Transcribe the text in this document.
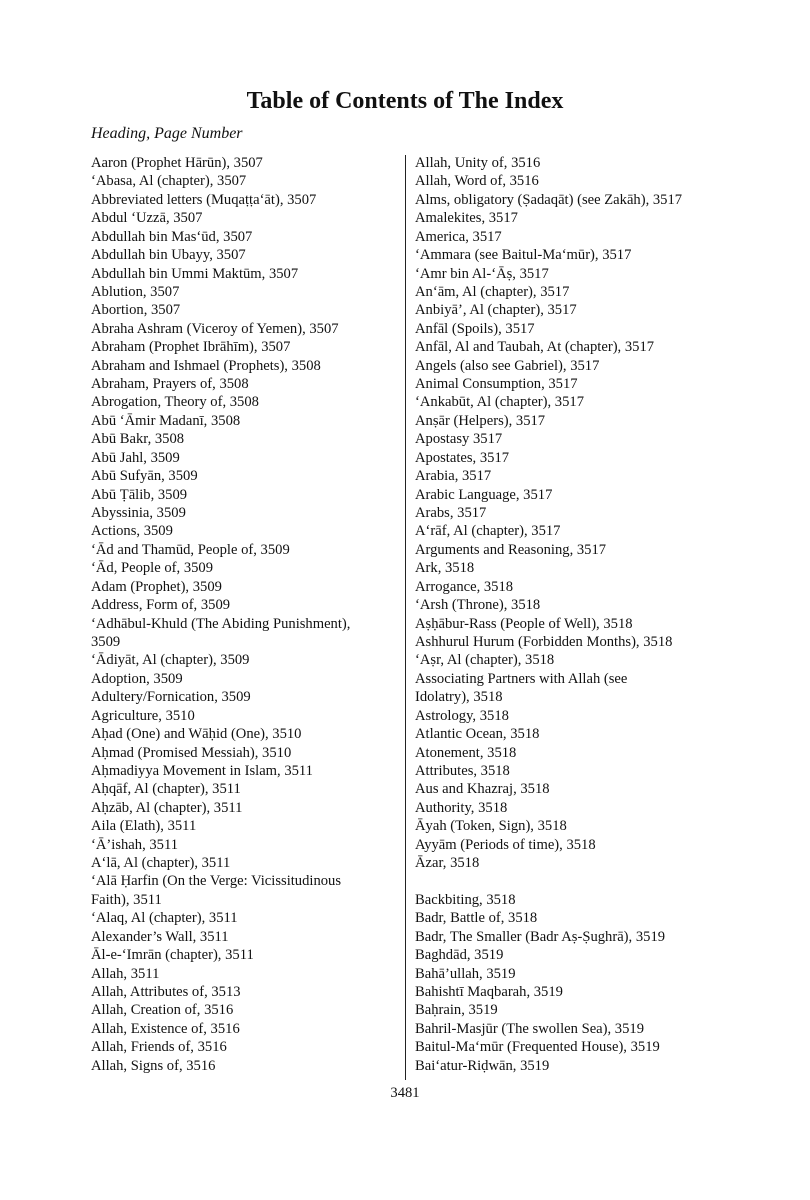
Table of Contents of The Index
Heading, Page Number
Aaron (Prophet Hārūn), 3507
‘Abasa, Al (chapter), 3507
Abbreviated letters (Muqaṭṭa‘āt), 3507
Abdul ‘Uzzā, 3507
Abdullah bin Mas‘ūd, 3507
Abdullah bin Ubayy, 3507
Abdullah bin Ummi Maktūm, 3507
Ablution, 3507
Abortion, 3507
Abraha Ashram (Viceroy of Yemen), 3507
Abraham (Prophet Ibrāhīm), 3507
Abraham and Ishmael (Prophets), 3508
Abraham, Prayers of, 3508
Abrogation, Theory of, 3508
Abū ‘Āmir Madanī, 3508
Abū Bakr, 3508
Abū Jahl, 3509
Abū Sufyān, 3509
Abū Ṭālib, 3509
Abyssinia, 3509
Actions, 3509
‘Ād and Thamūd, People of, 3509
‘Ād, People of, 3509
Adam (Prophet), 3509
Address, Form of, 3509
‘Adhābul-Khuld (The Abiding Punishment),
3509
‘Ādiyāt, Al (chapter), 3509
Adoption, 3509
Adultery/Fornication, 3509
Agriculture, 3510
Aḥad (One) and Wāḥid (One), 3510
Aḥmad (Promised Messiah), 3510
Aḥmadiyya Movement in Islam, 3511
Aḥqāf, Al (chapter), 3511
Aḥzāb, Al (chapter), 3511
Aila (Elath), 3511
‘Ā’ishah, 3511
A‘lā, Al (chapter), 3511
‘Alā Ḥarfin (On the Verge: Vicissitudinous
Faith), 3511
‘Alaq, Al (chapter), 3511
Alexander’s Wall, 3511
Āl-e-‘Imrān (chapter), 3511
Allah, 3511
Allah, Attributes of, 3513
Allah, Creation of, 3516
Allah, Existence of, 3516
Allah, Friends of, 3516
Allah, Signs of, 3516
Allah, Unity of, 3516
Allah, Word of, 3516
Alms, obligatory (Ṣadaqāt) (see Zakāh), 3517
Amalekites, 3517
America, 3517
‘Ammara (see Baitul-Ma‘mūr), 3517
‘Amr bin Al-‘Āṣ, 3517
An‘ām, Al (chapter), 3517
Anbiyā’, Al (chapter), 3517
Anfāl (Spoils), 3517
Anfāl, Al and Taubah, At (chapter), 3517
Angels (also see Gabriel), 3517
Animal Consumption, 3517
‘Ankabūt, Al (chapter), 3517
Anṣār (Helpers), 3517
Apostasy 3517
Apostates, 3517
Arabia, 3517
Arabic Language, 3517
Arabs, 3517
A‘rāf, Al (chapter), 3517
Arguments and Reasoning, 3517
Ark, 3518
Arrogance, 3518
‘Arsh (Throne), 3518
Aṣḥābur-Rass (People of Well), 3518
Ashhurul Hurum (Forbidden Months), 3518
‘Aṣr, Al (chapter), 3518
Associating Partners with Allah (see
Idolatry), 3518
Astrology, 3518
Atlantic Ocean, 3518
Atonement, 3518
Attributes, 3518
Aus and Khazraj, 3518
Authority, 3518
Āyah (Token, Sign), 3518
Ayyām (Periods of time), 3518
Āzar, 3518
Backbiting, 3518
Badr, Battle of, 3518
Badr, The Smaller (Badr Aṣ-Ṣughrā), 3519
Baghdād, 3519
Bahā’ullah, 3519
Bahishtī Maqbarah, 3519
Baḥrain, 3519
Bahril-Masjūr (The swollen Sea), 3519
Baitul-Ma‘mūr (Frequented House), 3519
Bai‘atur-Riḍwān, 3519
3481
